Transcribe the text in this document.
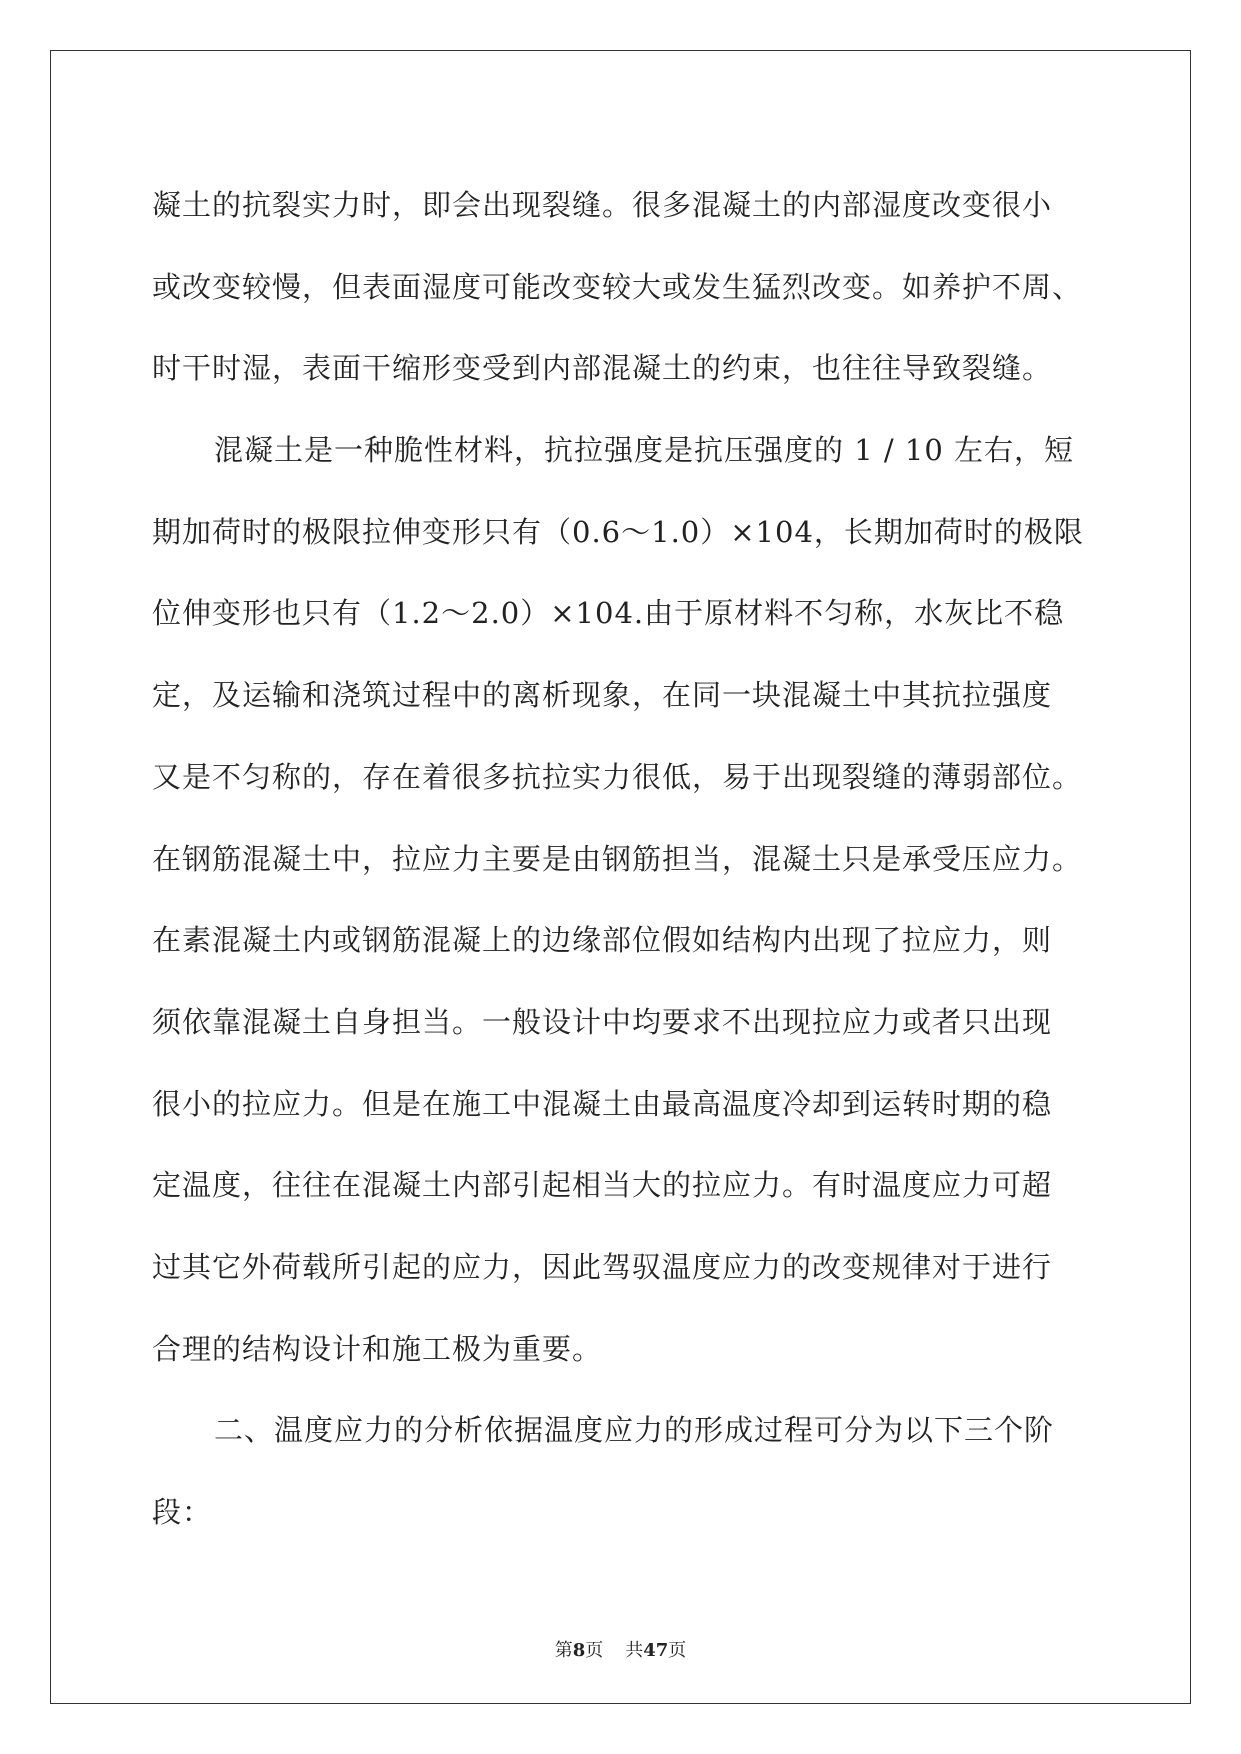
凝土的抗裂实力时，即会出现裂缝。很多混凝土的内部湿度改变很小
或改变较慢，但表面湿度可能改变较大或发生猛烈改变。如养护不周、
时干时湿，表面干缩形变受到内部混凝土的约束，也往往导致裂缝。
混凝土是一种脆性材料，抗拉强度是抗压强度的 1 / 10 左右，短
期加荷时的极限拉伸变形只有（0.6～1.0）×104，长期加荷时的极限
位伸变形也只有（1.2～2.0）×104.由于原材料不匀称，水灰比不稳
定，及运输和浇筑过程中的离析现象，在同一块混凝土中其抗拉强度
又是不匀称的，存在着很多抗拉实力很低，易于出现裂缝的薄弱部位。
在钢筋混凝土中，拉应力主要是由钢筋担当，混凝土只是承受压应力。
在素混凝土内或钢筋混凝上的边缘部位假如结构内出现了拉应力，则
须依靠混凝土自身担当。一般设计中均要求不出现拉应力或者只出现
很小的拉应力。但是在施工中混凝土由最高温度冷却到运转时期的稳
定温度，往往在混凝土内部引起相当大的拉应力。有时温度应力可超
过其它外荷载所引起的应力，因此驾驭温度应力的改变规律对于进行
合理的结构设计和施工极为重要。
二、温度应力的分析依据温度应力的形成过程可分为以下三个阶
段：
第8页 共47页
